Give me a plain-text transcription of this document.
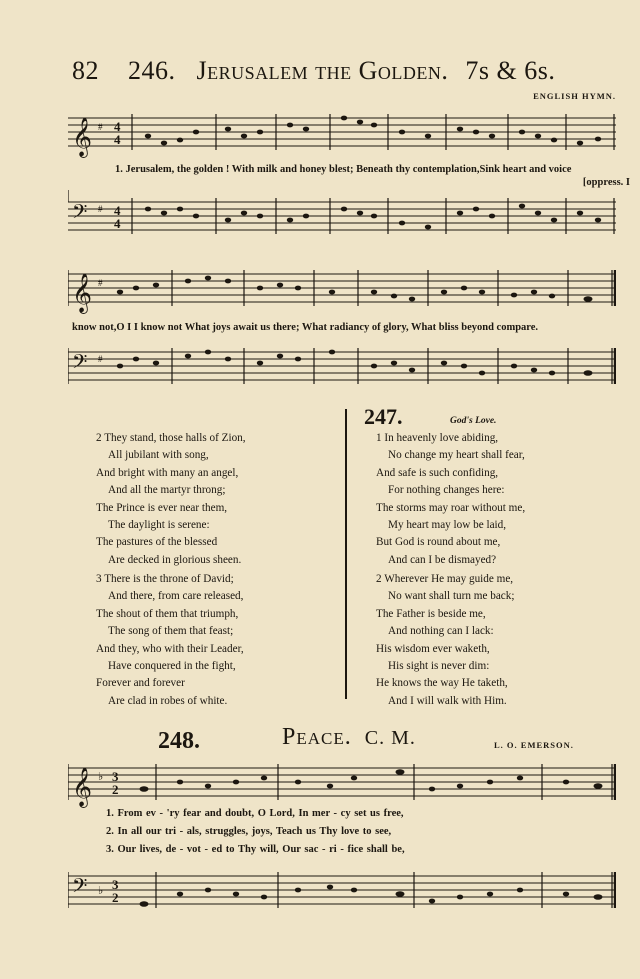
82 246. Jerusalem the Golden. 7s & 6s.
ENGLISH HYMN.
𝄞 # 4
4
1. Jerusalem, the golden ! With milk and honey blest; Beneath thy contemplation,Sink heart and voice
[oppress. I
𝄢 # 4
4
𝄞 #
know not,O I I know not What joys await us there; What radiancy of glory, What bliss beyond compare.
𝄢 #
2 They stand, those halls of Zion,
All jubilant with song,
And bright with many an angel,
And all the martyr throng;
The Prince is ever near them,
The daylight is serene:
The pastures of the blessed
Are decked in glorious sheen.
3 There is the throne of David;
And there, from care released,
The shout of them that triumph,
The song of them that feast;
And they, who with their Leader,
Have conquered in the fight,
Forever and forever
Are clad in robes of white.
247.	God's Love.
1 In heavenly love abiding,
No change my heart shall fear,
And safe is such confiding,
For nothing changes here:
The storms may roar without me,
My heart may low be laid,
But God is round about me,
And can I be dismayed?
2 Wherever He may guide me,
No want shall turn me back;
The Father is beside me,
And nothing can I lack:
His wisdom ever waketh,
His sight is never dim:
He knows the way He taketh,
And I will walk with Him.
248.	Peace. C. M.	L. O. EMERSON.
𝄞 ♭ 3
2
1. From ev - 'ry fear and doubt, O Lord, In mer - cy set us free,
2. In all our tri - als, struggles, joys, Teach us Thy love to see,
3. Our lives, de - vot - ed to Thy will, Our sac - ri - fice shall be,
𝄢 ♭ 3
2
